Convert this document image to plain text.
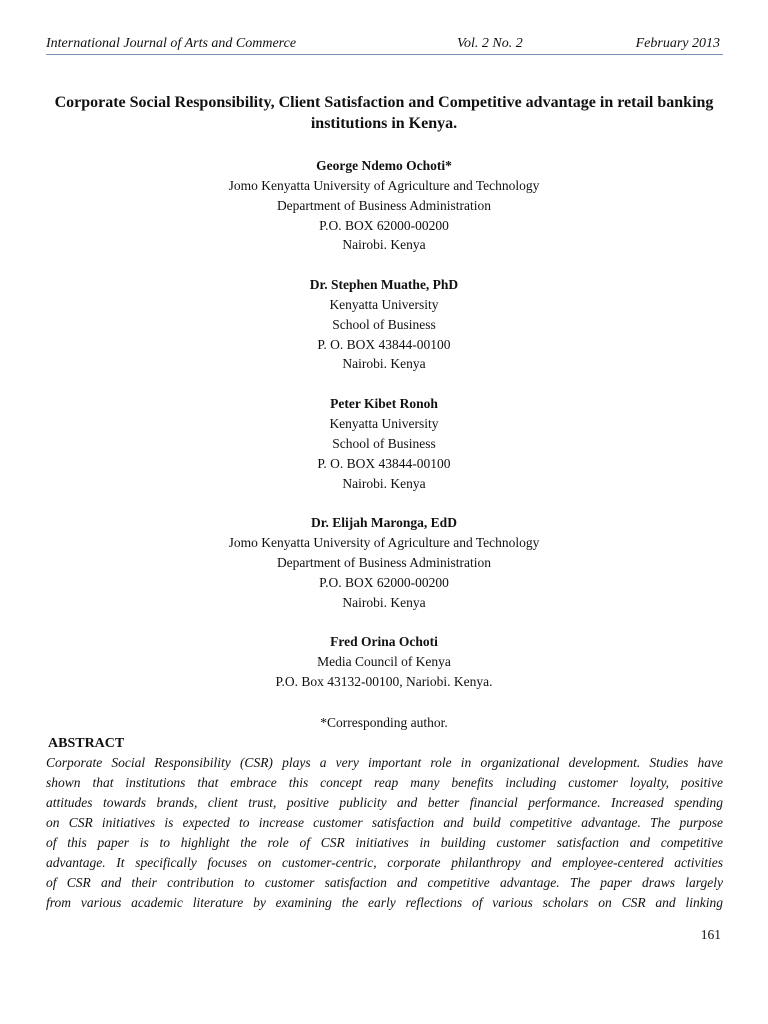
International Journal of Arts and Commerce	Vol. 2 No. 2	February 2013
Corporate Social Responsibility, Client Satisfaction and Competitive advantage in retail banking institutions in Kenya.
George Ndemo Ochoti*
Jomo Kenyatta University of Agriculture and Technology
Department of Business Administration
P.O. BOX 62000-00200
Nairobi. Kenya
Dr. Stephen Muathe, PhD
Kenyatta University
School of Business
P. O. BOX 43844-00100
Nairobi. Kenya
Peter Kibet Ronoh
Kenyatta University
School of Business
P. O. BOX 43844-00100
Nairobi. Kenya
Dr. Elijah Maronga, EdD
Jomo Kenyatta University of Agriculture and Technology
Department of Business Administration
P.O. BOX 62000-00200
Nairobi. Kenya
Fred Orina Ochoti
Media Council of Kenya
P.O. Box 43132-00100, Nariobi. Kenya.
*Corresponding author.
ABSTRACT
Corporate Social Responsibility (CSR) plays a very important role in organizational development. Studies have
shown that institutions that embrace this concept reap many benefits including customer loyalty, positive
attitudes towards brands, client trust, positive publicity and better financial performance. Increased spending
on CSR initiatives is expected to increase customer satisfaction and build competitive advantage. The purpose
of this paper is to highlight the role of CSR initiatives in building customer satisfaction and competitive
advantage. It specifically focuses on customer-centric, corporate philanthropy and employee-centered activities
of CSR and their contribution to customer satisfaction and competitive advantage. The paper draws largely
from various academic literature by examining the early reflections of various scholars on CSR and linking
161
